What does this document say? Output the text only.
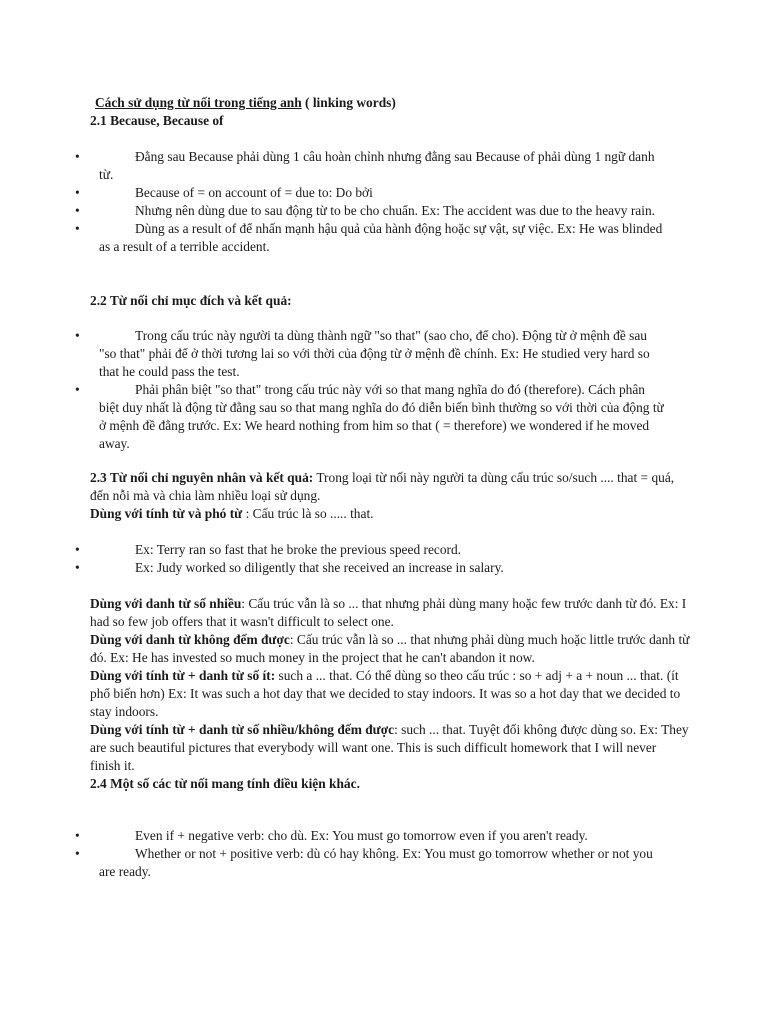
Cách sử dụng từ nối trong tiếng anh ( linking words)
2.1 Because, Because of
•	Đằng sau Because phải dùng 1 câu hoàn chỉnh nhưng đằng sau Because of phải dùng 1 ngữ danh từ.
•	Because of = on account of = due to: Do bởi
•	Nhưng nên dùng due to sau động từ to be cho chuẩn. Ex: The accident was due to the heavy rain.
•	Dùng as a result of để nhấn mạnh hậu quả của hành động hoặc sự vật, sự việc. Ex: He was blinded as a result of a terrible accident.
2.2 Từ nối chỉ mục đích và kết quả:
•	Trong cấu trúc này người ta dùng thành ngữ "so that" (sao cho, để cho). Động từ ở mệnh đề sau "so that" phải để ở thời tương lai so với thời của động từ ở mệnh đề chính. Ex: He studied very hard so that he could pass the test.
•	Phải phân biệt "so that" trong cấu trúc này với so that mang nghĩa do đó (therefore). Cách phân biệt duy nhất là động từ đằng sau so that mang nghĩa do đó diễn biến bình thường so với thời của động từ ở mệnh đề đằng trước. Ex: We heard nothing from him so that ( = therefore) we wondered if he moved away.
2.3 Từ nối chỉ nguyên nhân và kết quả: Trong loại từ nối này người ta dùng cấu trúc so/such .... that = quá, đến nỗi mà và chia làm nhiều loại sử dụng.
Dùng với tính từ và phó từ : Cấu trúc là so ..... that.
•	Ex: Terry ran so fast that he broke the previous speed record.
•	Ex: Judy worked so diligently that she received an increase in salary.
Dùng với danh từ số nhiều: Cấu trúc vẫn là so ... that nhưng phải dùng many hoặc few trước danh từ đó. Ex: I had so few job offers that it wasn't difficult to select one.
Dùng với danh từ không đếm được: Cấu trúc vẫn là so ... that nhưng phải dùng much hoặc little trước danh từ đó. Ex: He has invested so much money in the project that he can't abandon it now.
Dùng với tính từ + danh từ số ít: such a ... that. Có thể dùng so theo cấu trúc : so + adj + a + noun ... that. (ít phổ biến hơn) Ex: It was such a hot day that we decided to stay indoors. It was so a hot day that we decided to stay indoors.
Dùng với tính từ + danh từ số nhiều/không đếm được: such ... that. Tuyệt đối không được dùng so. Ex: They are such beautiful pictures that everybody will want one. This is such difficult homework that I will never finish it.
2.4 Một số các từ nối mang tính điều kiện khác.
•	Even if + negative verb: cho dù. Ex: You must go tomorrow even if you aren't ready.
•	Whether or not + positive verb: dù có hay không. Ex: You must go tomorrow whether or not you are ready.
